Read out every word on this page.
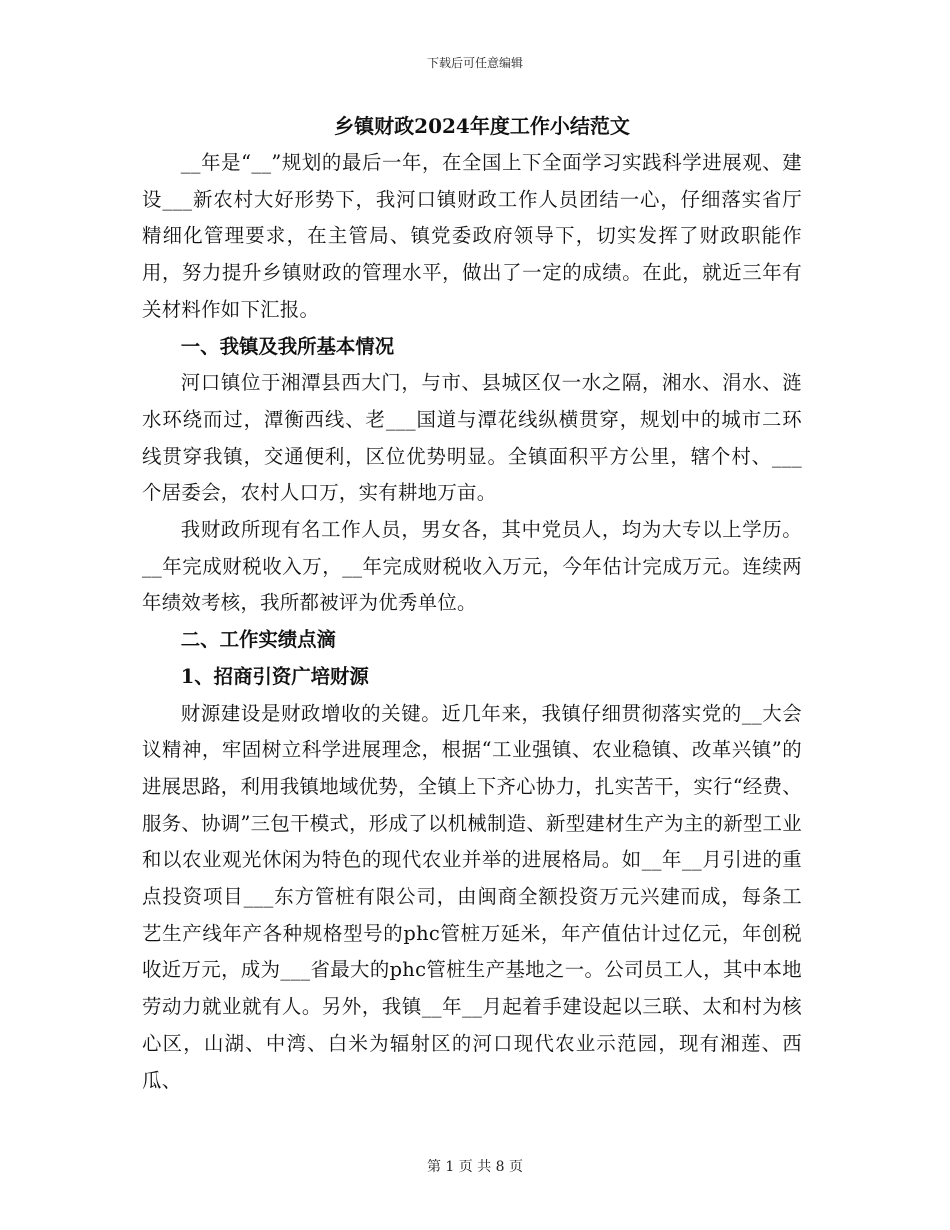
下载后可任意编辑
乡镇财政2024年度工作小结范文

__年是“__”规划的最后一年，在全国上下全面学习实践科学进展观、建设___新农村大好形势下，我河口镇财政工作人员团结一心，仔细落实省厅精细化管理要求，在主管局、镇党委政府领导下，切实发挥了财政职能作用，努力提升乡镇财政的管理水平，做出了一定的成绩。在此，就近三年有关材料作如下汇报。

一、我镇及我所基本情况

河口镇位于湘潭县西大门，与市、县城区仅一水之隔，湘水、涓水、涟水环绕而过，潭衡西线、老___国道与潭花线纵横贯穿，规划中的城市二环线贯穿我镇，交通便利，区位优势明显。全镇面积平方公里，辖个村、___个居委会，农村人口万，实有耕地万亩。

我财政所现有名工作人员，男女各，其中党员人，均为大专以上学历。__年完成财税收入万，__年完成财税收入万元，今年估计完成万元。连续两年绩效考核，我所都被评为优秀单位。

二、工作实绩点滴

1、招商引资广培财源

财源建设是财政增收的关键。近几年来，我镇仔细贯彻落实党的__大会议精神，牢固树立科学进展理念，根据“工业强镇、农业稳镇、改革兴镇”的进展思路，利用我镇地域优势，全镇上下齐心协力，扎实苦干，实行“经费、服务、协调”三包干模式，形成了以机械制造、新型建材生产为主的新型工业和以农业观光休闲为特色的现代农业并举的进展格局。如__年__月引进的重点投资项目___东方管桩有限公司，由闽商全额投资万元兴建而成，每条工艺生产线年产各种规格型号的phc管桩万延米，年产值估计过亿元，年创税收近万元，成为___省最大的phc管桩生产基地之一。公司员工人，其中本地劳动力就业就有人。另外，我镇__年__月起着手建设起以三联、太和村为核心区，山湖、中湾、白米为辐射区的河口现代农业示范园，现有湘莲、西瓜、

第 1 页 共 8 页
